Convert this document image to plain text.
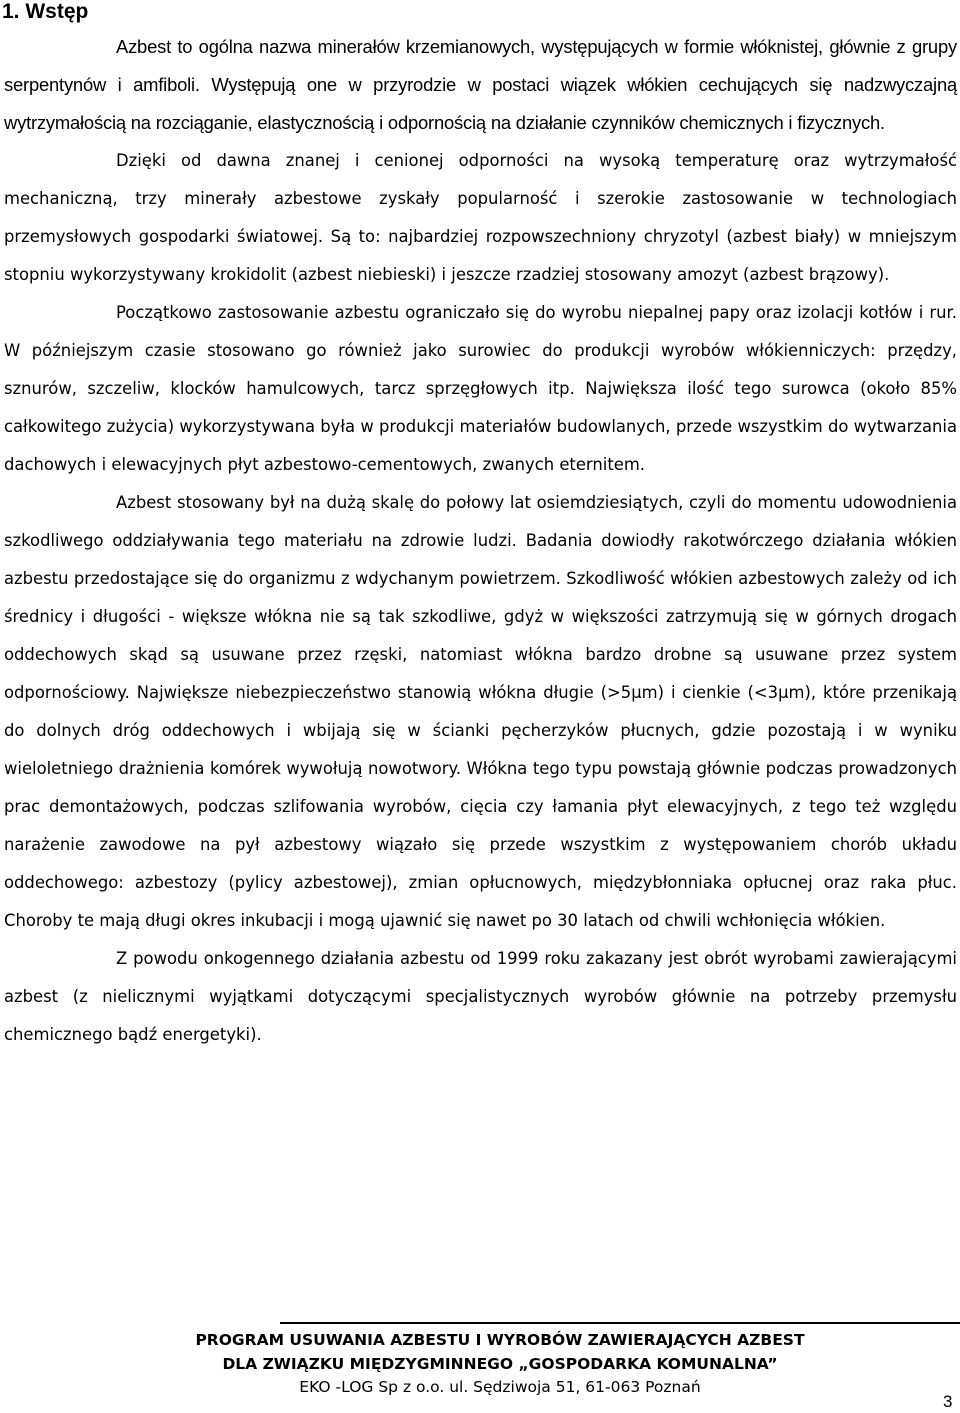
1. Wstęp

Azbest to ogólna nazwa minerałów krzemianowych, występujących w formie włóknistej, głównie z grupy serpentynów i amfiboli. Występują one w przyrodzie w postaci wiązek włókien cechujących się nadzwyczajną wytrzymałością na rozciąganie, elastycznością i odpornością na działanie czynników chemicznych i fizycznych.

Dzięki od dawna znanej i cenionej odporności na wysoką temperaturę oraz wytrzymałość mechaniczną, trzy minerały azbestowe zyskały popularność i szerokie zastosowanie w technologiach przemysłowych gospodarki światowej. Są to: najbardziej rozpowszechniony chryzotyl (azbest biały) w mniejszym stopniu wykorzystywany krokidolit (azbest niebieski) i jeszcze rzadziej stosowany amozyt (azbest brązowy).

Początkowo zastosowanie azbestu ograniczało się do wyrobu niepalnej papy oraz izolacji kotłów i rur. W późniejszym czasie stosowano go również jako surowiec do produkcji wyrobów włókienniczych: przędzy, sznurów, szczeliw, klocków hamulcowych, tarcz sprzęgłowych itp. Największa ilość tego surowca (około 85% całkowitego zużycia) wykorzystywana była w produkcji materiałów budowlanych, przede wszystkim do wytwarzania dachowych i elewacyjnych płyt azbestowo-cementowych, zwanych eternitem.

Azbest stosowany był na dużą skalę do połowy lat osiemdziesiątych, czyli do momentu udowodnienia szkodliwego oddziaływania tego materiału na zdrowie ludzi. Badania dowiodły rakotwórczego działania włókien azbestu przedostające się do organizmu z wdychanym powietrzem. Szkodliwość włókien azbestowych zależy od ich średnicy i długości - większe włókna nie są tak szkodliwe, gdyż w większości zatrzymują się w górnych drogach oddechowych skąd są usuwane przez rzęski, natomiast włókna bardzo drobne są usuwane przez system odpornościowy. Największe niebezpieczeństwo stanowią włókna długie (>5μm) i cienkie (<3μm), które przenikają do dolnych dróg oddechowych i wbijają się w ścianki pęcherzyków płucnych, gdzie pozostają i w wyniku wieloletniego drażnienia komórek wywołują nowotwory. Włókna tego typu powstają głównie podczas prowadzonych prac demontażowych, podczas szlifowania wyrobów, cięcia czy łamania płyt elewacyjnych, z tego też względu narażenie zawodowe na pył azbestowy wiązało się przede wszystkim z występowaniem chorób układu oddechowego: azbestozy (pylicy azbestowej), zmian opłucnowych, międzybłonniaka opłucnej oraz raka płuc. Choroby te mają długi okres inkubacji i mogą ujawnić się nawet po 30 latach od chwili wchłonięcia włókien.

Z powodu onkogennego działania azbestu od 1999 roku zakazany jest obrót wyrobami zawierającymi azbest (z nielicznymi wyjątkami dotyczącymi specjalistycznych wyrobów głównie na potrzeby przemysłu chemicznego bądź energetyki).

PROGRAM USUWANIA AZBESTU I WYROBÓW ZAWIERAJĄCYCH AZBEST
DLA ZWIĄZKU MIĘDZYGMINNEGO „GOSPODARKA KOMUNALNA”
EKO -LOG Sp z o.o. ul. Sędziwoja 51, 61-063 Poznań
3
